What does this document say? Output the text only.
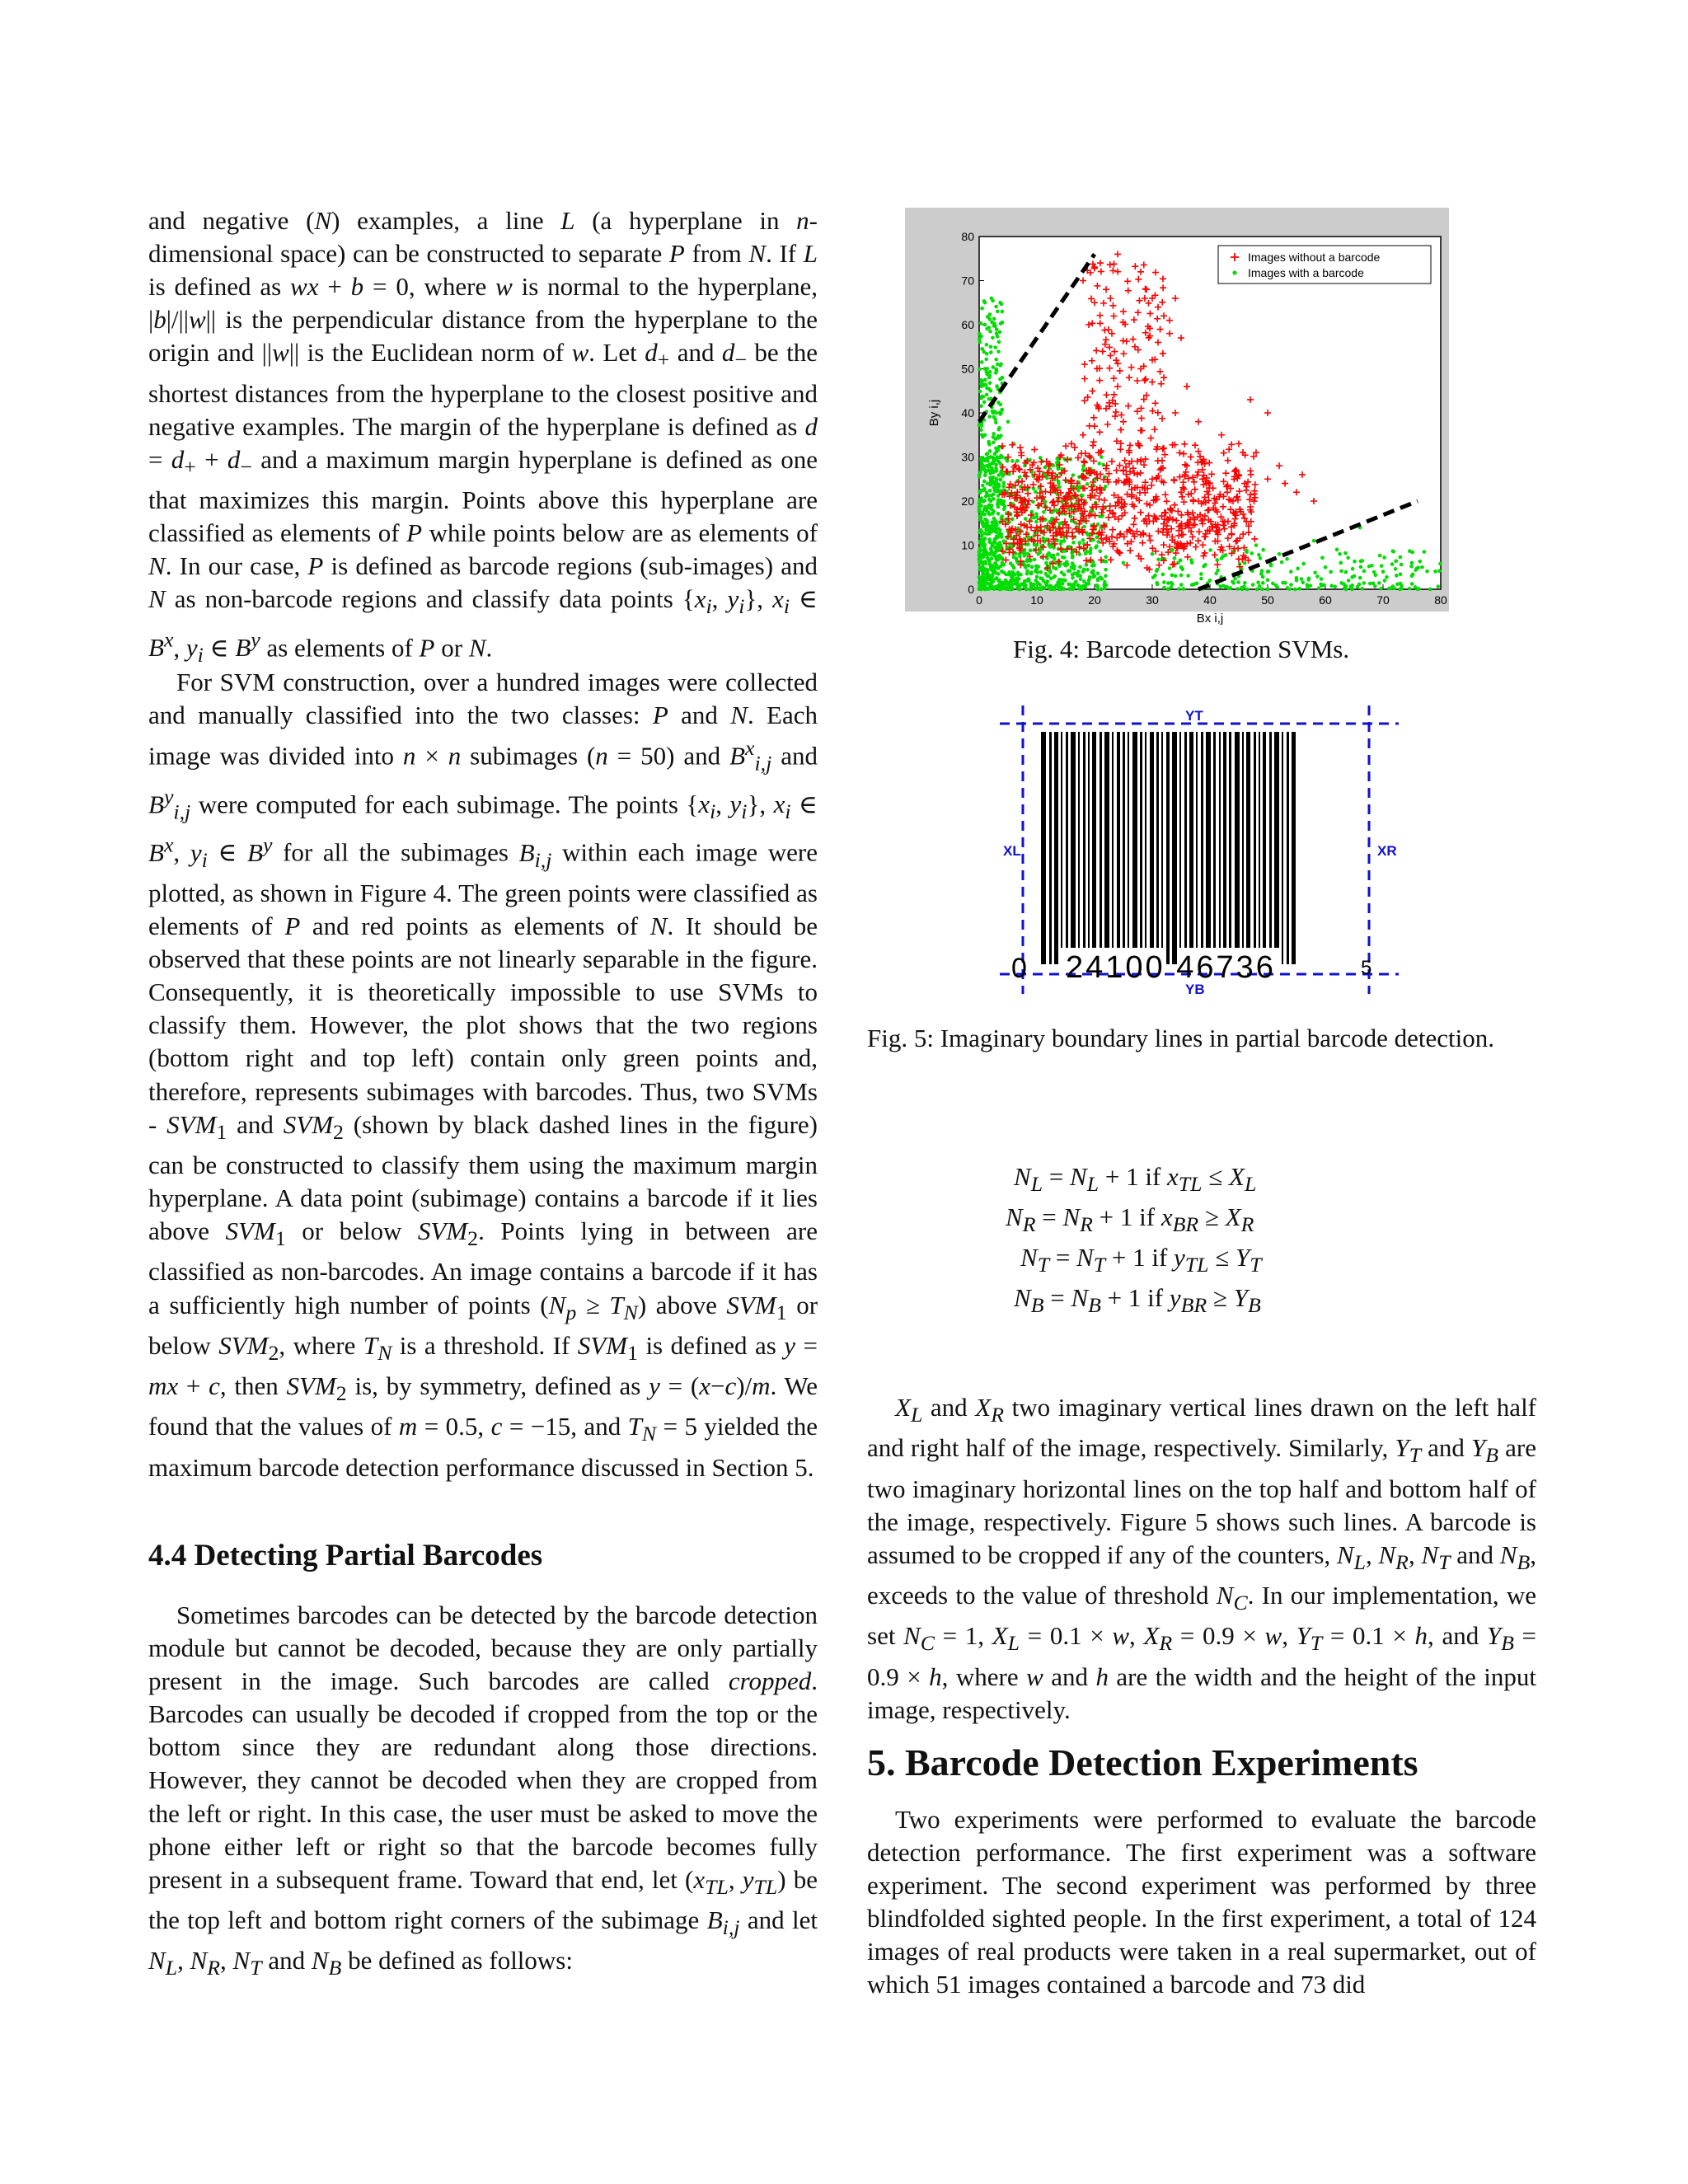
and negative (N) examples, a line L (a hyperplane in n-dimensional space) can be constructed to separate P from N. If L is defined as wx + b = 0, where w is normal to the hyperplane, |b|/||w|| is the perpendicular distance from the hyperplane to the origin and ||w|| is the Euclidean norm of w. Let $d_+$ and $d_-$ be the shortest distances from the hyperplane to the closest positive and negative examples. The margin of the hyperplane is defined as $d = d_+ + d_-$ and a maximum margin hyperplane is defined as one that maximizes this margin. Points above this hyperplane are classified as elements of P while points below are as elements of N. In our case, P is defined as barcode regions (sub-images) and N as non-barcode regions and classify data points {$x_i$, $y_i$}, $x_i$ ∈ $B^x$, $y_i$ ∈ $B^y$ as elements of P or N.

For SVM construction, over a hundred images were collected and manually classified into the two classes: P and N. Each image was divided into n × n subimages (n = 50) and $B^x_{i,j}$ and $B^y_{i,j}$ were computed for each subimage. The points {$x_i$, $y_i$}, $x_i$ ∈ $B^x$, $y_i$ ∈ $B^y$ for all the subimages $B_{i,j}$ within each image were plotted, as shown in Figure 4. The green points were classified as elements of P and red points as elements of N. It should be observed that these points are not linearly separable in the figure. Consequently, it is theoretically impossible to use SVMs to classify them. However, the plot shows that the two regions (bottom right and top left) contain only green points and, therefore, represents subimages with barcodes. Thus, two SVMs - $SVM_1$ and $SVM_2$ (shown by black dashed lines in the figure) can be constructed to classify them using the maximum margin hyperplane. A data point (subimage) contains a barcode if it lies above $SVM_1$ or below $SVM_2$. Points lying in between are classified as non-barcodes. An image contains a barcode if it has a sufficiently high number of points $(N_p \ge T_N)$ above $SVM_1$ or below $SVM_2$, where $T_N$ is a threshold. If $SVM_1$ is defined as y = mx + c, then $SVM_2$ is, by symmetry, defined as y = (x−c)/m. We found that the values of m = 0.5, c = −15, and $T_N = 5$ yielded the maximum barcode detection performance discussed in Section 5.

4.4 Detecting Partial Barcodes

Sometimes barcodes can be detected by the barcode detection module but cannot be decoded, because they are only partially present in the image. Such barcodes are called cropped. Barcodes can usually be decoded if cropped from the top or the bottom since they are redundant along those directions. However, they cannot be decoded when they are cropped from the left or right. In this case, the user must be asked to move the phone either left or right so that the barcode becomes fully present in a subsequent frame. Toward that end, let ($x_{TL}$, $y_{TL}$) be the top left and bottom right corners of the subimage $B_{i,j}$ and let $N_L$, $N_R$, $N_T$ and $N_B$ be defined as follows:

0	10	20	30	40	50	60	70	80
0
10
20
30
40
50
60
70
80
Bx i,j
By i,j
Images without a barcode
Images with a barcode

Fig. 4: Barcode detection SVMs.

0 24100 46736	5
YT
YB
XL	XR

Fig. 5: Imaginary boundary lines in partial barcode detection.

$N_L = N_L + 1$ if $x_{TL} \le X_L$
$N_R = N_R + 1$ if $x_{BR} \ge X_R$
$N_T = N_T + 1$ if $y_{TL} \le Y_T$
$N_B = N_B + 1$ if $y_{BR} \ge Y_B$

$X_L$ and $X_R$ two imaginary vertical lines drawn on the left half and right half of the image, respectively. Similarly, $Y_T$ and $Y_B$ are two imaginary horizontal lines on the top half and bottom half of the image, respectively. Figure 5 shows such lines. A barcode is assumed to be cropped if any of the counters, $N_L$, $N_R$, $N_T$ and $N_B$, exceeds to the value of threshold $N_C$. In our implementation, we set $N_C = 1$, $X_L = 0.1 \times w$, $X_R = 0.9 \times w$, $Y_T = 0.1 \times h$, and $Y_B = 0.9 \times h$, where w and h are the width and the height of the input image, respectively.

5. Barcode Detection Experiments

Two experiments were performed to evaluate the barcode detection performance. The first experiment was a software experiment. The second experiment was performed by three blindfolded sighted people. In the first experiment, a total of 124 images of real products were taken in a real supermarket, out of which 51 images contained a barcode and 73 did
